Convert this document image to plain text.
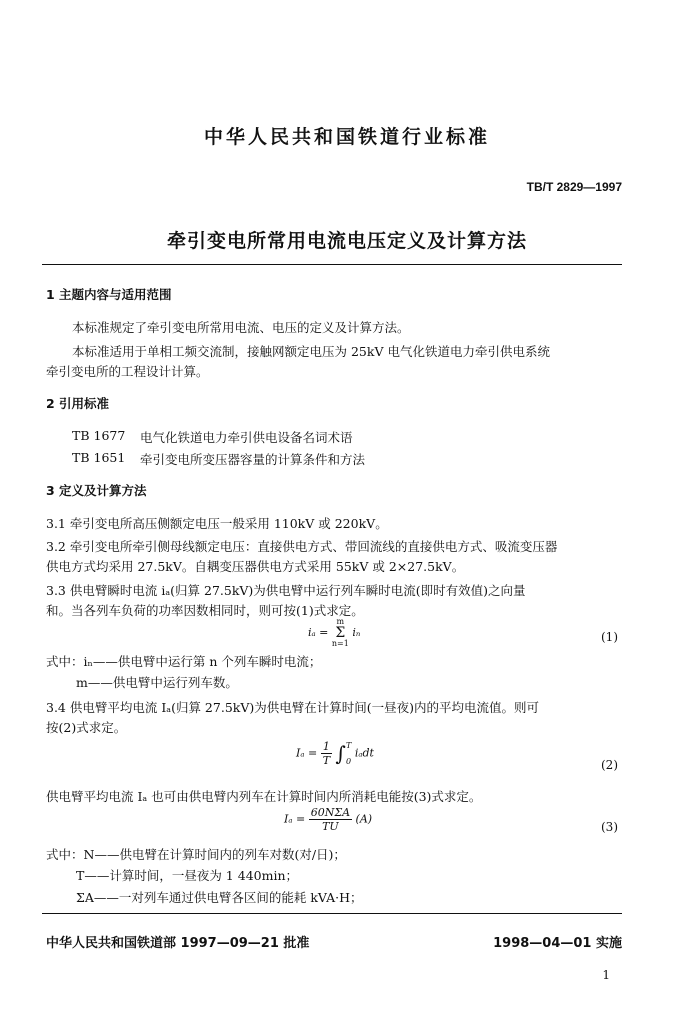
中华人民共和国铁道行业标准
TB/T 2829—1997
牵引变电所常用电流电压定义及计算方法
1 主题内容与适用范围
本标准规定了牵引变电所常用电流、电压的定义及计算方法。
本标准适用于单相工频交流制，接触网额定电压为 25kV 电气化铁道电力牵引供电系统
牵引变电所的工程设计计算。
2 引用标准
TB 1677 电气化铁道电力牵引供电设备名词术语
TB 1651 牵引变电所变压器容量的计算条件和方法
3 定义及计算方法
3.1 牵引变电所高压侧额定电压一般采用 110kV 或 220kV。
3.2 牵引变电所牵引侧母线额定电压：直接供电方式、带回流线的直接供电方式、吸流变压器
供电方式均采用 27.5kV。自耦变压器供电方式采用 55kV 或 2×27.5kV。
3.3 供电臂瞬时电流 iₐ(归算 27.5kV)为供电臂中运行列车瞬时电流(即时有效值)之向量
和。当各列车负荷的功率因数相同时，则可按(1)式求定。
iₐ =
m
Σ
n=1
iₙ	(1)
式中：iₙ——供电臂中运行第 n 个列车瞬时电流；
m——供电臂中运行列车数。
3.4 供电臂平均电流 Iₐ(归算 27.5kV)为供电臂在计算时间(一昼夜)内的平均电流值。则可
按(2)式求定。
$I_a = \frac{1}{T}$ ∫ T
0
iₐdt
(2)
供电臂平均电流 Iₐ 也可由供电臂内列车在计算时间内所消耗电能按(3)式求定。
$I_a = \frac{\text{60NΣA}}{TU} (A)$
(3)
式中：N——供电臂在计算时间内的列车对数(对/日)；
T——计算时间，一昼夜为 1 440min；
ΣA——一对列车通过供电臂各区间的能耗 kVA·H；
中华人民共和国铁道部 1997—09—21 批准	1998—04—01 实施
1
